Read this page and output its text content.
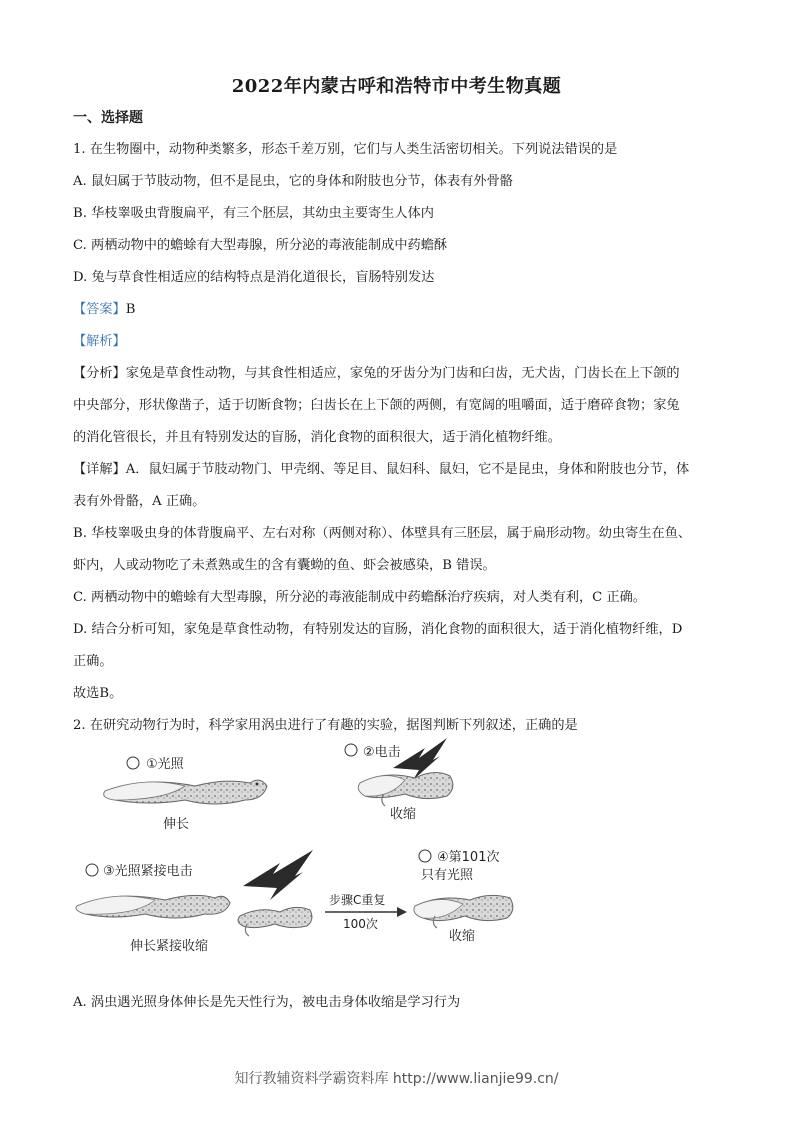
2022年内蒙古呼和浩特市中考生物真题
一、选择题
1. 在生物圈中，动物种类繁多，形态千差万别，它们与人类生活密切相关。下列说法错误的是
A. 鼠妇属于节肢动物，但不是昆虫，它的身体和附肢也分节，体表有外骨骼
B. 华枝睾吸虫背腹扁平，有三个胚层，其幼虫主要寄生人体内
C. 两栖动物中的蟾蜍有大型毒腺，所分泌的毒液能制成中药蟾酥
D. 兔与草食性相适应的结构特点是消化道很长，盲肠特别发达
【答案】B
【解析】
【分析】家兔是草食性动物，与其食性相适应，家兔的牙齿分为门齿和臼齿，无犬齿，门齿长在上下颌的
中央部分，形状像凿子，适于切断食物；臼齿长在上下颌的两侧，有宽阔的咀嚼面，适于磨碎食物；家兔
的消化管很长，并且有特别发达的盲肠，消化食物的面积很大，适于消化植物纤维。
【详解】A．鼠妇属于节肢动物门、甲壳纲、等足目、鼠妇科、鼠妇，它不是昆虫，身体和附肢也分节，体
表有外骨骼，A 正确。
B. 华枝睾吸虫身的体背腹扁平、左右对称（两侧对称）、体壁具有三胚层，属于扁形动物。幼虫寄生在鱼、
虾内，人或动物吃了未煮熟或生的含有囊蚴的鱼、虾会被感染，B 错误。
C. 两栖动物中的蟾蜍有大型毒腺，所分泌的毒液能制成中药蟾酥治疗疾病，对人类有利，C 正确。
D. 结合分析可知，家兔是草食性动物，有特别发达的盲肠，消化食物的面积很大，适于消化植物纤维，D
正确。
故选B。
2. 在研究动物行为时，科学家用涡虫进行了有趣的实验，据图判断下列叙述，正确的是
①光照
伸长
②电击
收缩
③光照紧接电击
伸长紧接收缩
步骤C重复
100次
④第101次
只有光照
收缩
A. 涡虫遇光照身体伸长是先天性行为，被电击身体收缩是学习行为
知行教辅资料学霸资料库 http://www.lianjie99.cn/
